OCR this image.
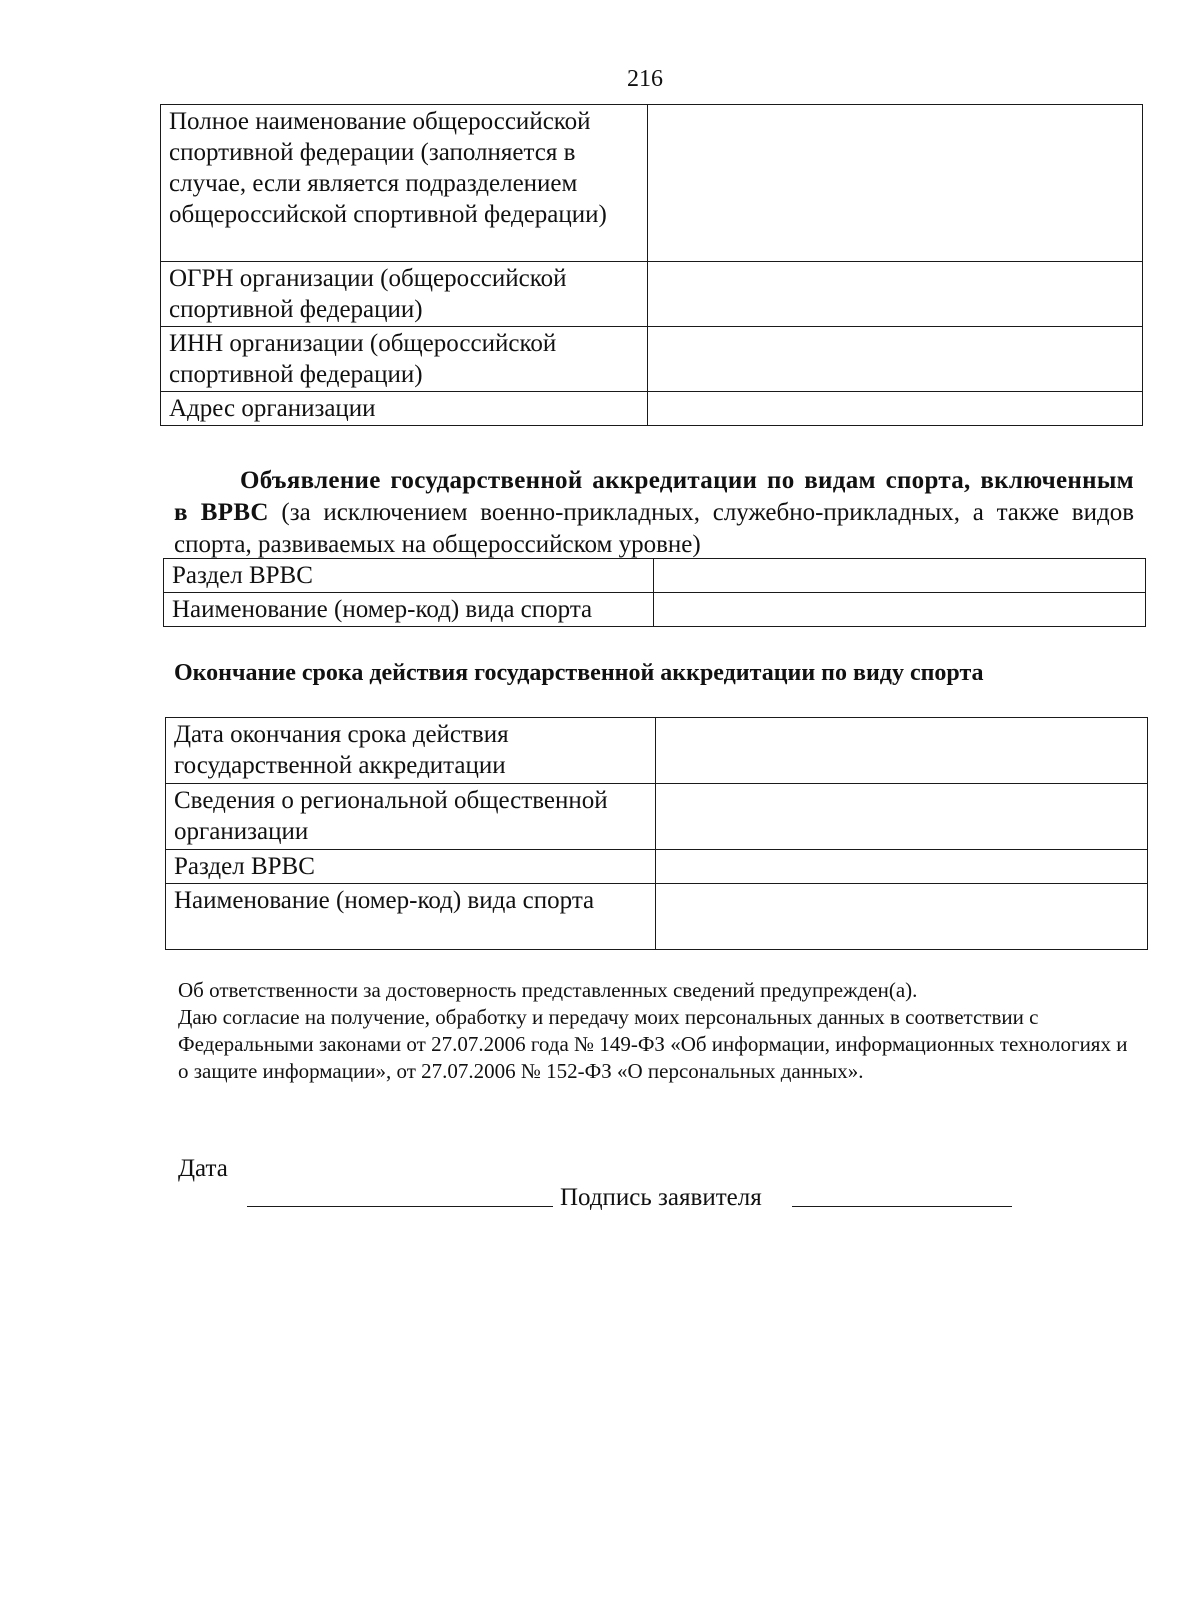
216
Полное наименование общероссийской спортивной федерации (заполняется в случае, если является подразделением общероссийской спортивной федерации)	
ОГРН организации (общероссийской спортивной федерации)	
ИНН организации (общероссийской спортивной федерации)	
Адрес организации	
Объявление государственной аккредитации по видам спорта, включенным в ВРВС (за исключением военно-прикладных, служебно-прикладных, а также видов спорта, развиваемых на общероссийском уровне)
Раздел ВРВС	
Наименование (номер-код) вида спорта	
Окончание срока действия государственной аккредитации по виду спорта
Дата окончания срока действия государственной аккредитации	
Сведения о региональной общественной организации	
Раздел ВРВС	
Наименование (номер-код) вида спорта	

Об ответственности за достоверность представленных сведений предупрежден(а).

Даю согласие на получение, обработку и передачу моих персональных данных в соответствии с Федеральными законами от 27.07.2006 года № 149-ФЗ «Об информации, информационных технологиях и о защите информации», от 27.07.2006 № 152-ФЗ «О персональных данных».

Дата
Подпись заявителя
